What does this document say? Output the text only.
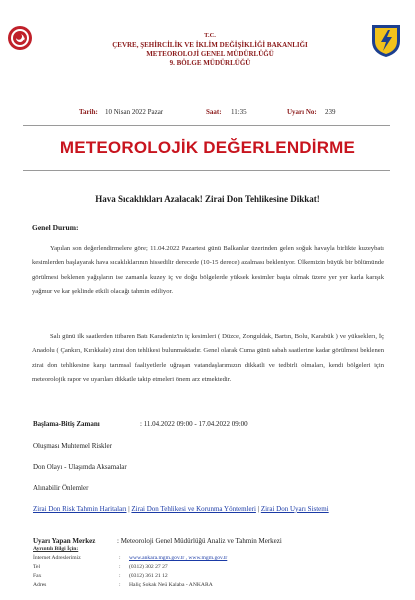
T.C.
ÇEVRE, ŞEHİRCİLİK VE İKLİM DEĞİŞİKLİĞİ BAKANLIĞI
METEOROLOJİ GENEL MÜDÜRLÜĞÜ
9. BÖLGE MÜDÜRLÜĞÜ
Tarih: 10 Nisan 2022 Pazar	Saat: 11:35	Uyarı No: 239
METEOROLOJİK DEĞERLENDİRME
Hava Sıcaklıkları Azalacak! Zirai Don Tehlikesine Dikkat!
Genel Durum:
Yapılan son değerlendirmelere göre; 11.04.2022 Pazartesi günü Balkanlar üzerinden gelen soğuk havayla birlikte kuzeybatı kesimlerden başlayarak hava sıcaklıklarının hissedilir derecede (10-15 derece) azalması bekleniyor. Ülkemizin büyük bir bölümünde görülmesi beklenen yağışların ise zamanla kuzey iç ve doğu bölgelerde yüksek kesimler başta olmak üzere yer yer karla karışık yağmur ve kar şeklinde etkili olacağı tahmin ediliyor.
Salı günü ilk saatlerden itibaren Batı Karadeniz'in iç kesimleri ( Düzce, Zonguldak, Bartın, Bolu, Karabük ) ve yükseklerı, İç Anadolu ( Çankırı, Kırıkkale) zirai don tehlikesi bulunmaktadır. Genel olarak Cuma günü sabah saatlerine kadar görülmesi beklenen zirai don tehlikesine karşı tarımsal faaliyetlerle uğraşan vatandaşlarımızın dikkatli ve tedbirli olmaları, kendi bölgeleri için meteorolojik rapor ve uyarıları dikkatle takip etmeleri önem arz etmektedir.
Başlama-Bitiş Zamanı	: 11.04.2022 09:00 - 17.04.2022 09:00
Oluşması Muhtemel Riskler
Don Olayı - Ulaşımda Aksamalar
Alınabilir Önlemler
Zirai Don Risk Tahmin Haritaları | Zirai Don Tehlikesi ve Korunma Yöntemleri | Zirai Don Uyarı Sistemi
Uyarı Yapan Merkez	: Meteoroloji Genel Müdürlüğü Analiz ve Tahmin Merkezi
Ayrıntılı Bilgi İçin:
İnternet Adreslerimiz	: www.ankara.mgm.gov.tr , www.mgm.gov.tr
Tel	: (0312) 302 27 27
Fax	: (0312) 361 21 12
Adres	: Haliç Sokak Neü Kalaba - ANKARA
